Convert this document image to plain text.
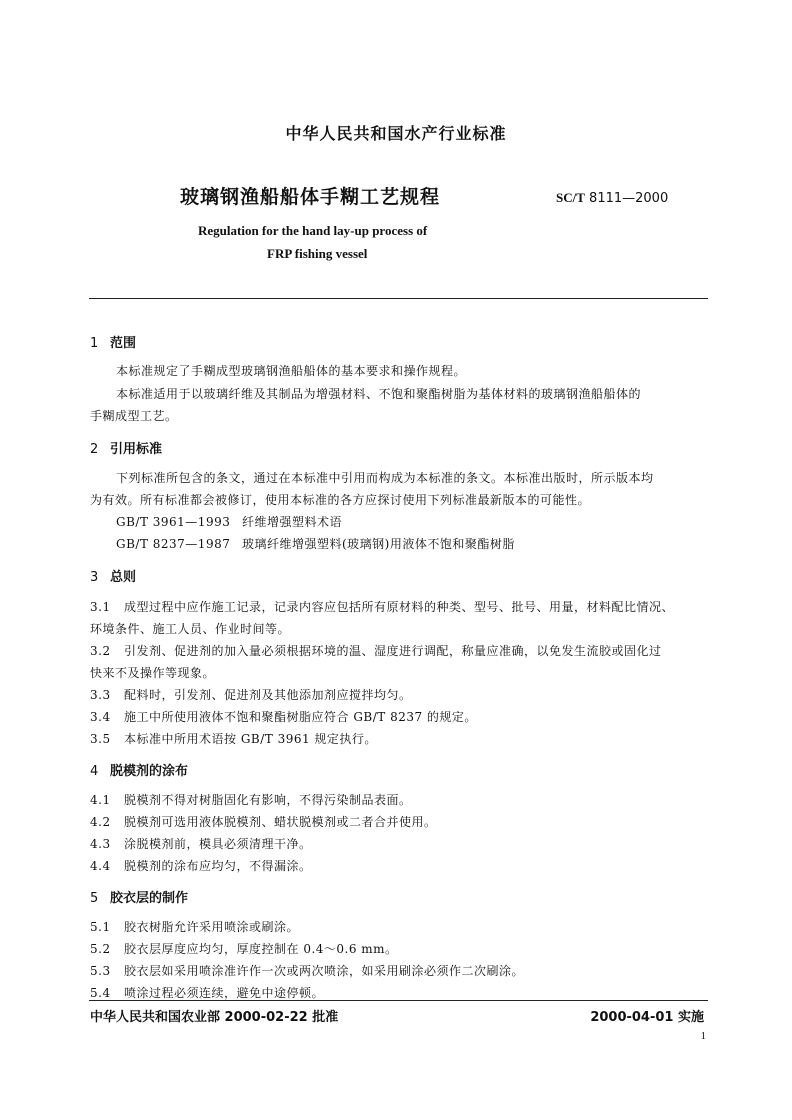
中华人民共和国水产行业标准
玻璃钢渔船船体手糊工艺规程	SC/T 8111—2000
Regulation for the hand lay-up process of
FRP fishing vessel
1 范围
本标准规定了手糊成型玻璃钢渔船船体的基本要求和操作规程。
本标准适用于以玻璃纤维及其制品为增强材料、不饱和聚酯树脂为基体材料的玻璃钢渔船船体的
手糊成型工艺。
2 引用标准
下列标准所包含的条文，通过在本标准中引用而构成为本标准的条文。本标准出版时，所示版本均
为有效。所有标准都会被修订，使用本标准的各方应探讨使用下列标准最新版本的可能性。
GB/T 3961—1993 纤维增强塑料术语
GB/T 8237—1987 玻璃纤维增强塑料(玻璃钢)用液体不饱和聚酯树脂
3 总则
3.1 成型过程中应作施工记录，记录内容应包括所有原材料的种类、型号、批号、用量，材料配比情况、
环境条件、施工人员、作业时间等。
3.2 引发剂、促进剂的加入量必须根据环境的温、湿度进行调配，称量应准确，以免发生流胶或固化过
快来不及操作等现象。
3.3 配料时，引发剂、促进剂及其他添加剂应搅拌均匀。
3.4 施工中所使用液体不饱和聚酯树脂应符合 GB/T 8237 的规定。
3.5 本标准中所用术语按 GB/T 3961 规定执行。
4 脱模剂的涂布
4.1 脱模剂不得对树脂固化有影响，不得污染制品表面。
4.2 脱模剂可选用液体脱模剂、蜡状脱模剂或二者合并使用。
4.3 涂脱模剂前，模具必须清理干净。
4.4 脱模剂的涂布应均匀，不得漏涂。
5 胶衣层的制作
5.1 胶衣树脂允许采用喷涂或刷涂。
5.2 胶衣层厚度应均匀，厚度控制在 0.4～0.6 mm。
5.3 胶衣层如采用喷涂准许作一次或两次喷涂，如采用刷涂必须作二次刷涂。
5.4 喷涂过程必须连续，避免中途停顿。
中华人民共和国农业部 2000-02-22 批准	2000-04-01 实施
1
